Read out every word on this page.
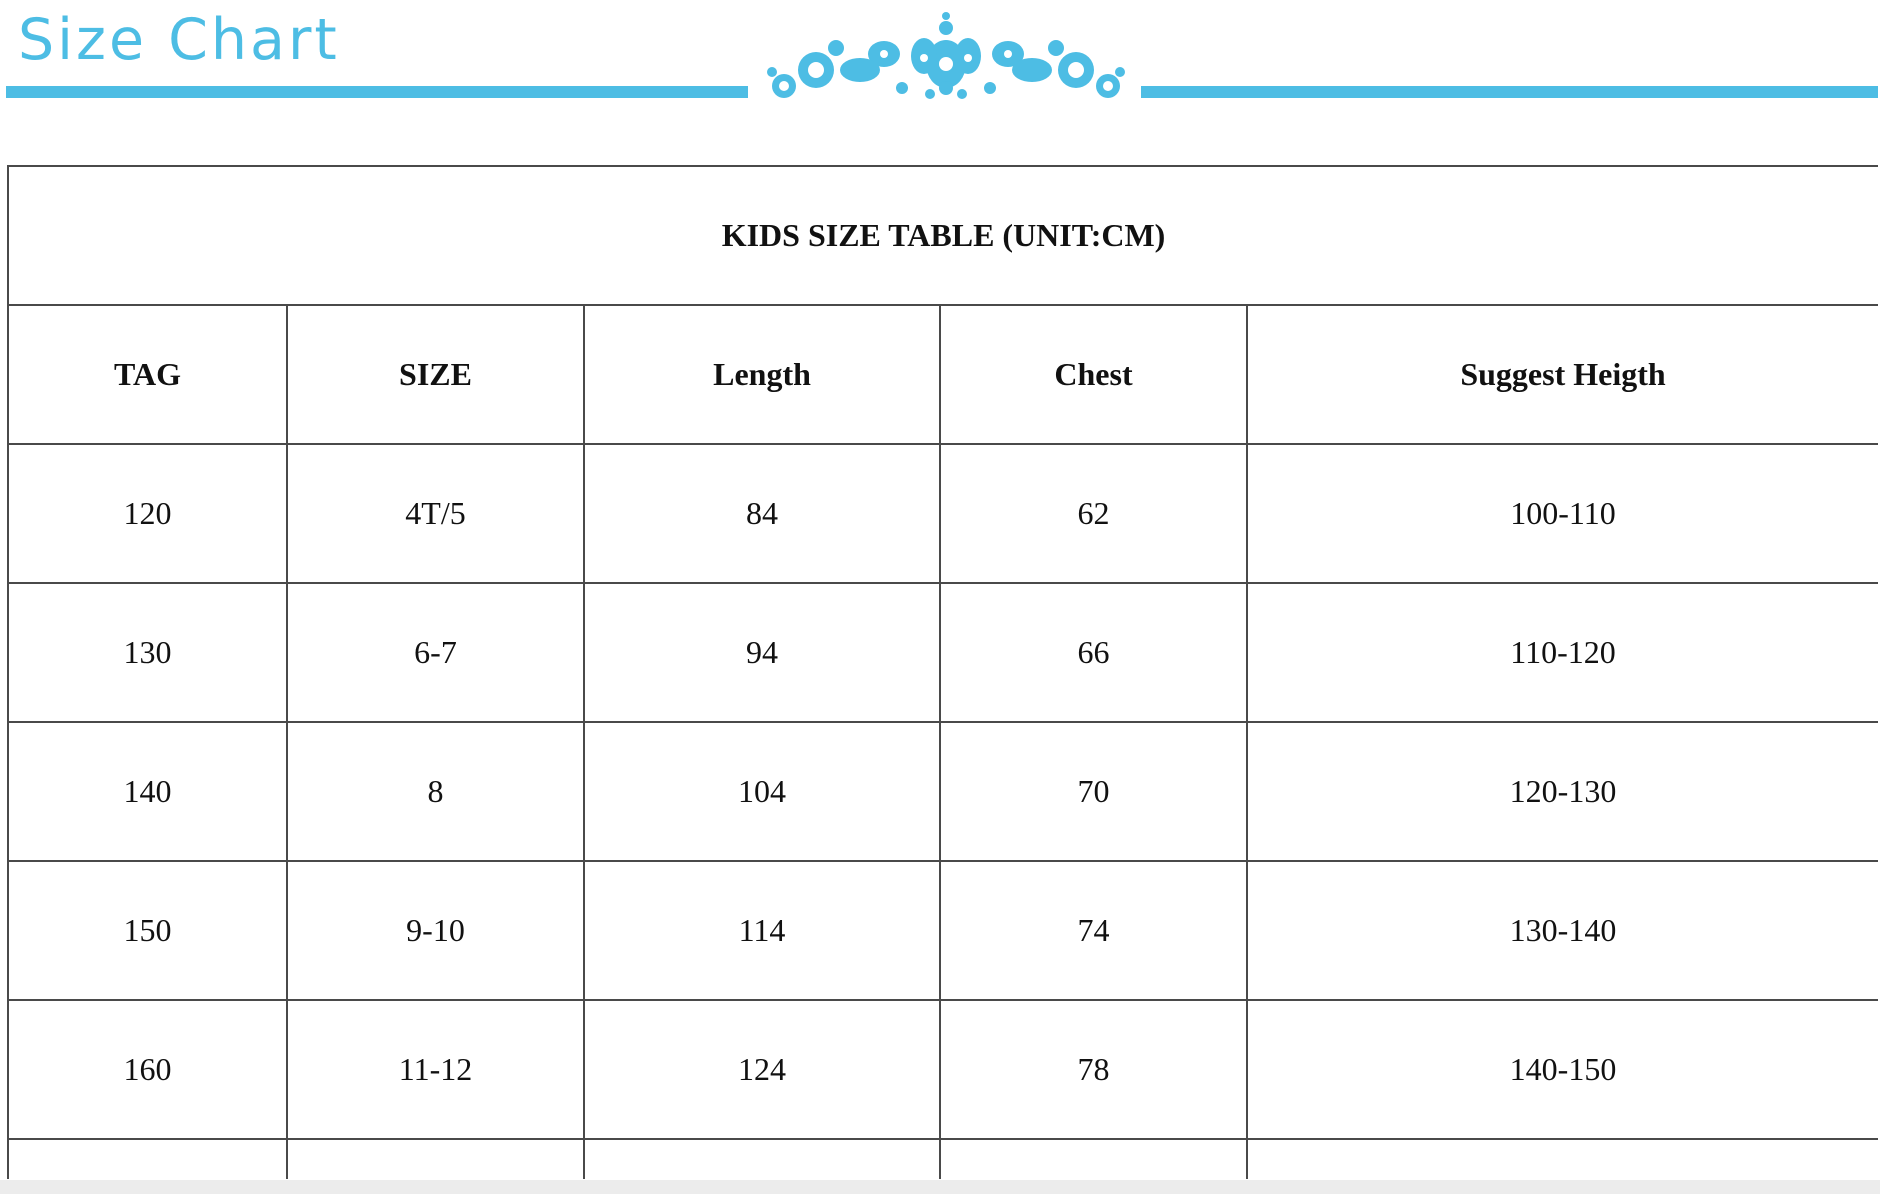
Size Chart
KIDS SIZE TABLE (UNIT:CM)				
TAG	SIZE	Length	Chest	Suggest Heigth
120	4T/5	84	62	100-110
130	6-7	94	66	110-120
140	8	104	70	120-130
150	9-10	114	74	130-140
160	11-12	124	78	140-150
